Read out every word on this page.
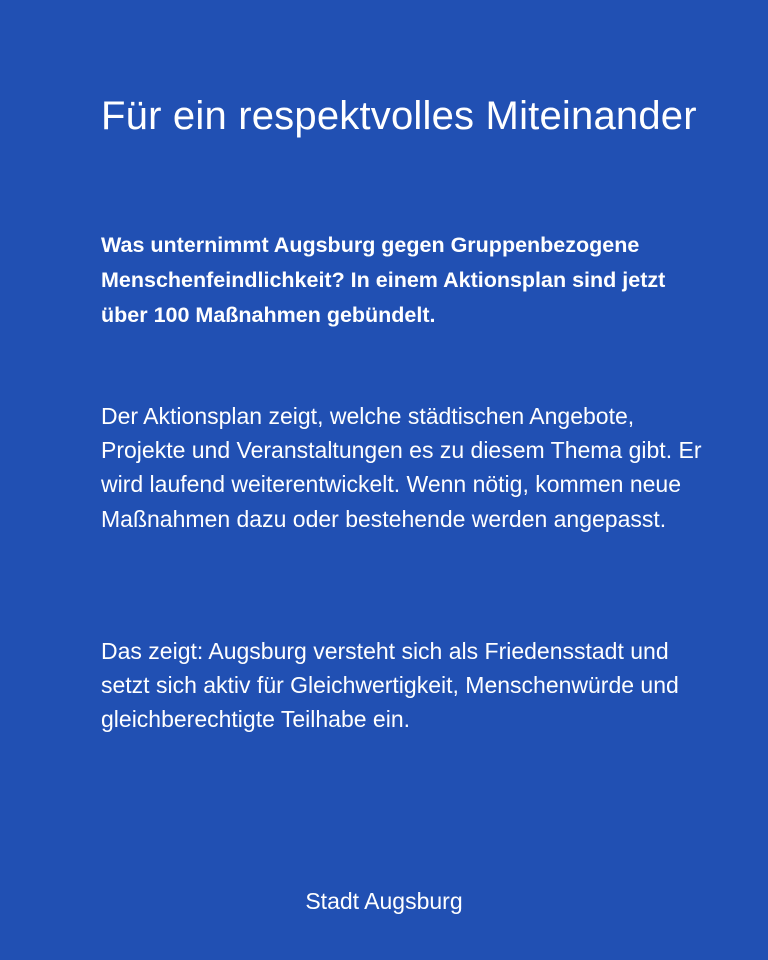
Für ein respektvolles Miteinander

Was unternimmt Augsburg gegen Gruppenbezogene Menschenfeindlichkeit? In einem Aktionsplan sind jetzt über 100 Maßnahmen gebündelt.

Der Aktionsplan zeigt, welche städtischen Angebote, Projekte und Veranstaltungen es zu diesem Thema gibt. Er wird laufend weiterentwickelt. Wenn nötig, kommen neue Maßnahmen dazu oder bestehende werden angepasst.

Das zeigt: Augsburg versteht sich als Friedensstadt und setzt sich aktiv für Gleichwertigkeit, Menschenwürde und gleichberechtigte Teilhabe ein.

Stadt Augsburg
